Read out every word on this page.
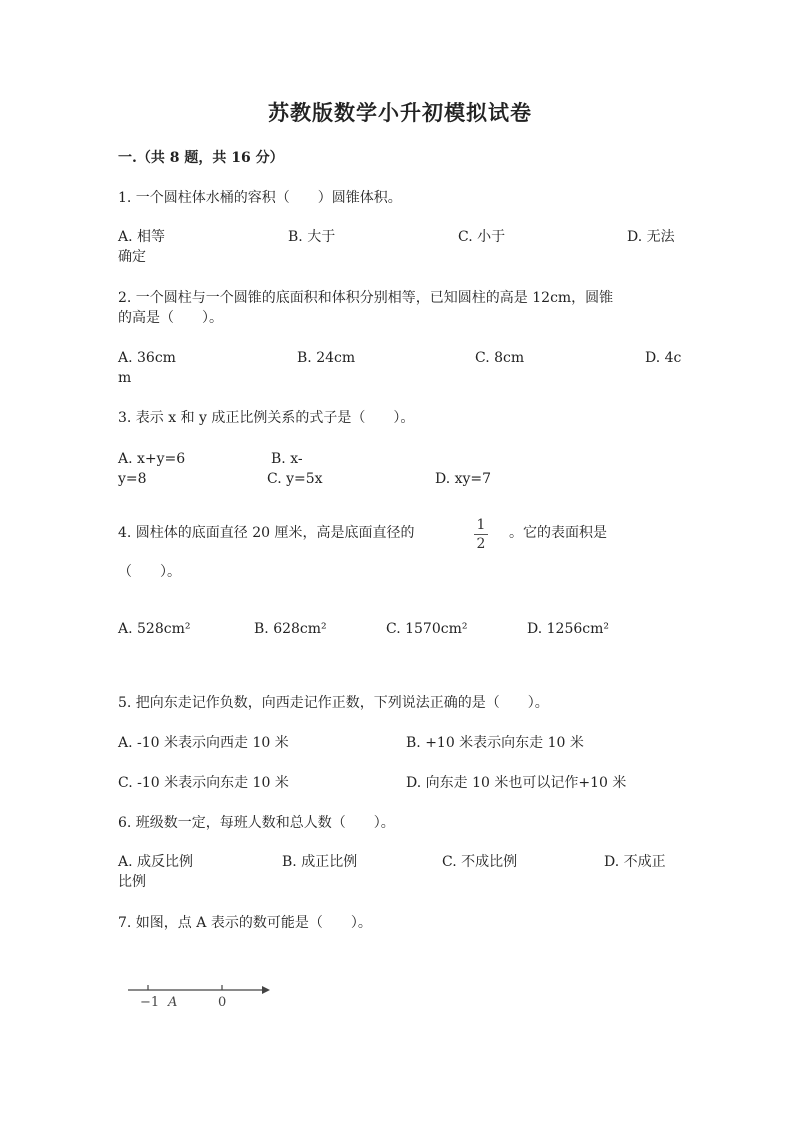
苏教版数学小升初模拟试卷
一.（共 8 题，共 16 分）
1. 一个圆柱体水桶的容积（　　）圆锥体积。
A. 相等	B. 大于	C. 小于	D. 无法
确定
2. 一个圆柱与一个圆锥的底面积和体积分别相等，已知圆柱的高是 12cm，圆锥
的高是（　　）。
A. 36cm	B. 24cm	C. 8cm	D. 4c
m
3. 表示 x 和 y 成正比例关系的式子是（　　）。
A. x+y=6	B. x-
y=8	C. y=5x	D. xy=7
4. 圆柱体的底面直径 20 厘米，高是底面直径的	1
2
。它的表面积是
（　　）。
A. 528cm²	B. 628cm²	C. 1570cm²	D. 1256cm²
5. 把向东走记作负数，向西走记作正数，下列说法正确的是（　　）。
A. -10 米表示向西走 10 米	B. +10 米表示向东走 10 米
C. -10 米表示向东走 10 米	D. 向东走 10 米也可以记作+10 米
6. 班级数一定，每班人数和总人数（　　）。
A. 成反比例	B. 成正比例	C. 不成比例	D. 不成正
比例
7. 如图，点 A 表示的数可能是（　　）。
−1 A	0
